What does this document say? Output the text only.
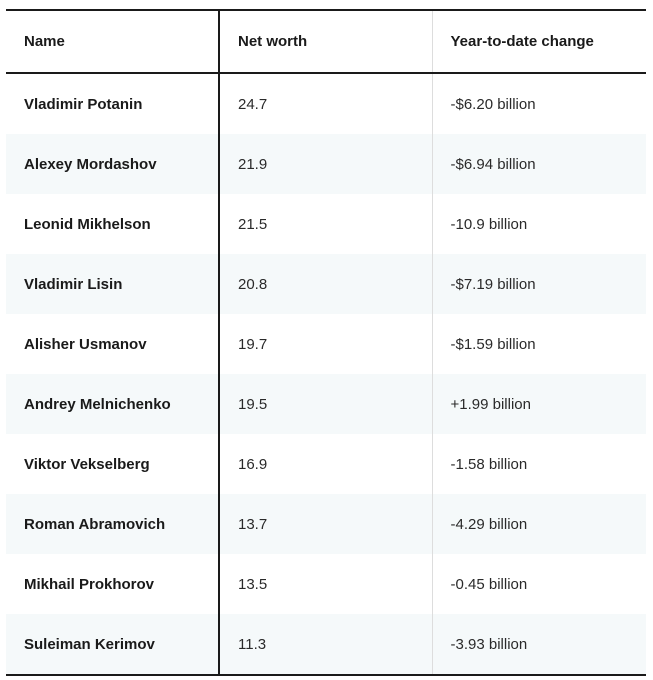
Name	Net worth	Year-to-date change
Vladimir Potanin	24.7	-$6.20 billion
Alexey Mordashov	21.9	-$6.94 billion
Leonid Mikhelson	21.5	-10.9 billion
Vladimir Lisin	20.8	-$7.19 billion
Alisher Usmanov	19.7	-$1.59 billion
Andrey Melnichenko	19.5	+1.99 billion
Viktor Vekselberg	16.9	-1.58 billion
Roman Abramovich	13.7	-4.29 billion
Mikhail Prokhorov	13.5	-0.45 billion
Suleiman Kerimov	11.3	-3.93 billion
